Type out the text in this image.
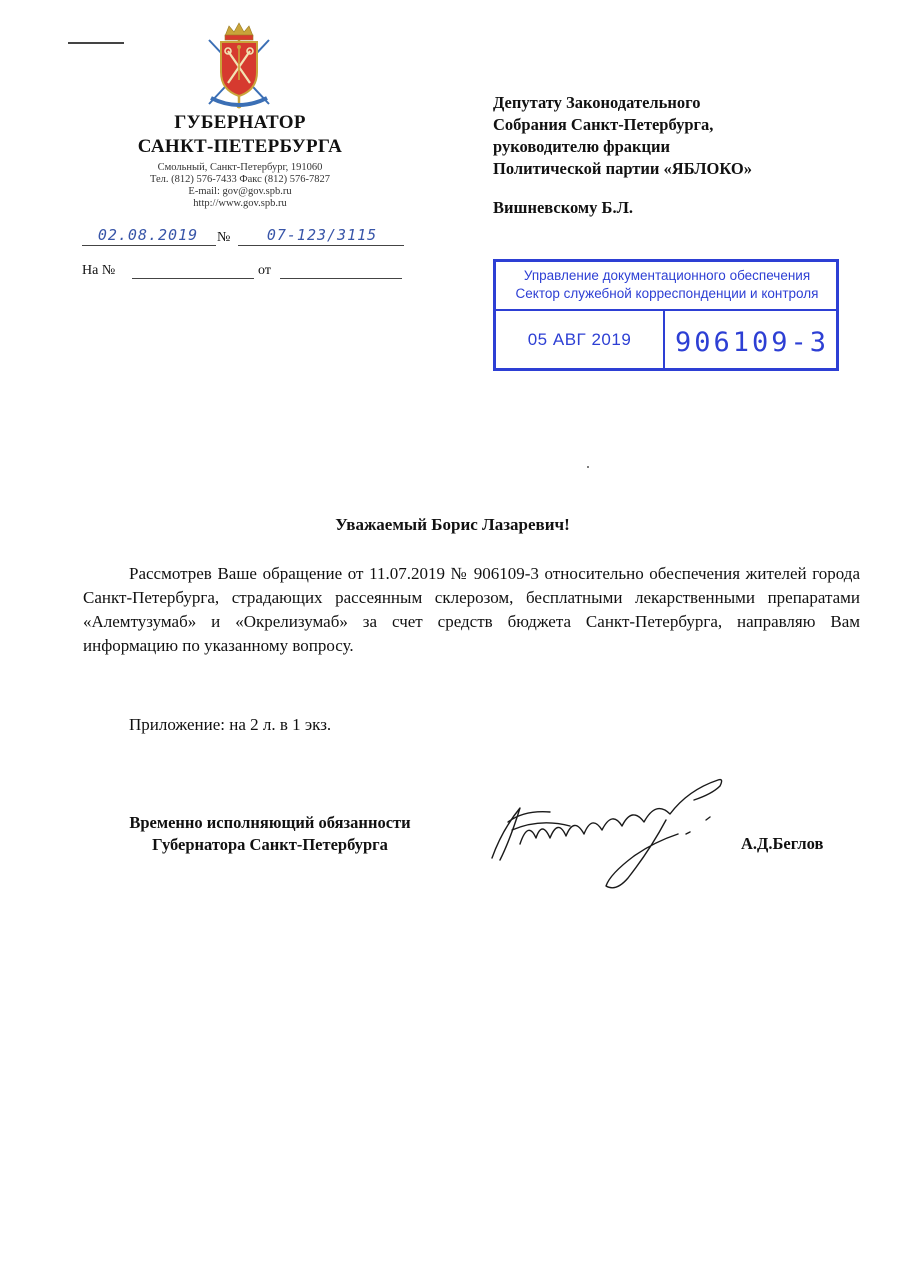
ГУБЕРНАТОР
САНКТ-ПЕТЕРБУРГА
Смольный, Санкт-Петербург, 191060
Тел. (812) 576-7433 Факс (812) 576-7827
E-mail: gov@gov.spb.ru
http://www.gov.spb.ru
02.08.2019	№	07-123/3115
На №	от
Депутату Законодательного
Собрания Санкт-Петербурга,
руководителю фракции
Политической партии «ЯБЛОКО»
Вишневскому Б.Л.
Управление документационного обеспечения
Сектор служебной корреспонденции и контроля
05 АВГ 2019	906109-3
Уважаемый Борис Лазаревич!
Рассмотрев Ваше обращение от 11.07.2019 № 906109-3 относительно обеспечения жителей города Санкт-Петербурга, страдающих рассеянным склерозом, бесплатными лекарственными препаратами «Алемтузумаб» и «Окрелизумаб» за счет средств бюджета Санкт-Петербурга, направляю Вам информацию по указанному вопросу.
Приложение: на 2 л. в 1 экз.
Временно исполняющий обязанности
Губернатора Санкт-Петербурга	А.Д.Беглов
